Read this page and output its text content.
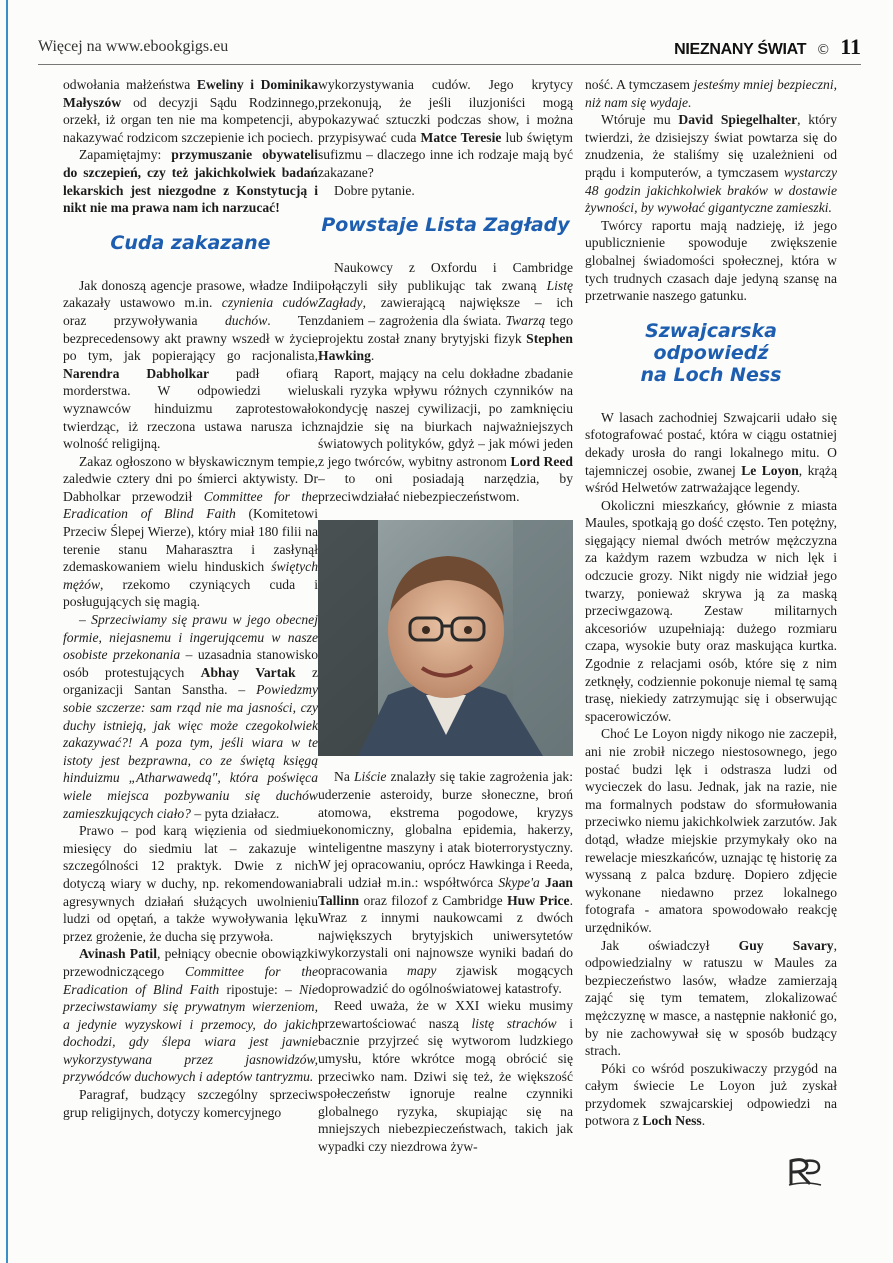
Więcej na www.ebookgigs.eu	NIEZNANY ŚWIAT © 11

odwołania małżeństwa Eweliny i Dominika Małyszów od decyzji Sądu Rodzinnego, orzekł, iż organ ten nie ma kompetencji, aby nakazywać rodzicom szczepienie ich pociech.

Zapamiętajmy: przymuszanie obywateli do szczepień, czy też jakichkolwiek badań lekarskich jest niezgodne z Konstytucją i nikt nie ma prawa nam ich narzucać!

Cuda zakazane

Jak donoszą agencje prasowe, władze Indii zakazały ustawowo m.in. czynienia cudów oraz przywoływania duchów. Ten bezprecedensowy akt prawny wszedł w życie po tym, jak popierający go racjonalista, Narendra Dabholkar padł ofiarą morderstwa. W odpowiedzi wielu wyznawców hinduizmu zaprotestowało twierdząc, iż rzeczona ustawa narusza ich wolność religijną.

Zakaz ogłoszono w błyskawicznym tempie, zaledwie cztery dni po śmierci aktywisty. Dr Dabholkar przewodził Committee for the Eradication of Blind Faith (Komitetowi Przeciw Ślepej Wierze), który miał 180 filii na terenie stanu Maharasztra i zasłynął zdemaskowaniem wielu hinduskich świętych mężów, rzekomo czyniących cuda i posługujących się magią.

– Sprzeciwiamy się prawu w jego obecnej formie, niejasnemu i ingerującemu w nasze osobiste przekonania – uzasadnia stanowisko osób protestujących Abhay Vartak z organizacji Santan Sanstha. – Powiedzmy sobie szczerze: sam rząd nie ma jasności, czy duchy istnieją, jak więc może czegokolwiek zakazywać?! A poza tym, jeśli wiara w te istoty jest bezprawna, co ze świętą księgą hinduizmu „Atharwawedą", która poświęca wiele miejsca pozbywaniu się duchów zamieszkujących ciało? – pyta działacz.

Prawo – pod karą więzienia od siedmiu miesięcy do siedmiu lat – zakazuje w szczególności 12 praktyk. Dwie z nich dotyczą wiary w duchy, np. rekomendowania agresywnych działań służących uwolnieniu ludzi od opętań, a także wywoływania lęku przez grożenie, że ducha się przywoła.

Avinash Patil, pełniący obecnie obowiązki przewodniczącego Committee for the Eradication of Blind Faith ripostuje: – Nie przeciwstawiamy się prywatnym wierzeniom, a jedynie wyzyskowi i przemocy, do jakich dochodzi, gdy ślepa wiara jest jawnie wykorzystywana przez jasnowidzów, przywódców duchowych i adeptów tantryzmu.

Paragraf, budzący szczególny sprzeciw grup religijnych, dotyczy komercyjnego

wykorzystywania cudów. Jego krytycy przekonują, że jeśli iluzjoniści mogą pokazywać sztuczki podczas show, i można przypisywać cuda Matce Teresie lub świętym sufizmu – dlaczego inne ich rodzaje mają być zakazane?

Dobre pytanie.

Powstaje Lista Zagłady

Naukowcy z Oxfordu i Cambridge połączyli siły publikując tak zwaną Listę Zagłady, zawierającą największe – ich zdaniem – zagrożenia dla świata. Twarzą tego projektu został znany brytyjski fizyk Stephen Hawking.

Raport, mający na celu dokładne zbadanie skali ryzyka wpływu różnych czynników na kondycję naszej cywilizacji, po zamknięciu znajdzie się na biurkach najważniejszych światowych polityków, gdyż – jak mówi jeden z jego twórców, wybitny astronom Lord Reed – to oni posiadają narzędzia, by przeciwdziałać niebezpieczeństwom.

Na Liście znalazły się takie zagrożenia jak: uderzenie asteroidy, burze słoneczne, broń atomowa, ekstrema pogodowe, kryzys ekonomiczny, globalna epidemia, hakerzy, inteligentne maszyny i atak bioterrorystyczny. W jej opracowaniu, oprócz Hawkinga i Reeda, brali udział m.in.: współtwórca Skype'a Jaan Tallinn oraz filozof z Cambridge Huw Price. Wraz z innymi naukowcami z dwóch największych brytyjskich uniwersytetów wykorzystali oni najnowsze wyniki badań do opracowania mapy zjawisk mogących doprowadzić do ogólnoświatowej katastrofy.

Reed uważa, że w XXI wieku musimy przewartościować naszą listę strachów i bacznie przyjrzeć się wytworom ludzkiego umysłu, które wkrótce mogą obrócić się przeciwko nam. Dziwi się też, że większość społeczeństw ignoruje realne czynniki globalnego ryzyka, skupiając się na mniejszych niebezpieczeństwach, takich jak wypadki czy niezdrowa żyw-

ność. A tymczasem jesteśmy mniej bezpieczni, niż nam się wydaje.

Wtóruje mu David Spiegelhalter, który twierdzi, że dzisiejszy świat powtarza się do znudzenia, że staliśmy się uzależnieni od prądu i komputerów, a tymczasem wystarczy 48 godzin jakichkolwiek braków w dostawie żywności, by wywołać gigantyczne zamieszki.

Twórcy raportu mają nadzieję, iż jego upublicznienie spowoduje zwiększenie globalnej świadomości społecznej, która w tych trudnych czasach daje jedyną szansę na przetrwanie naszego gatunku.

Szwajcarska odpowiedź
na Loch Ness

W lasach zachodniej Szwajcarii udało się sfotografować postać, która w ciągu ostatniej dekady urosła do rangi lokalnego mitu. O tajemniczej osobie, zwanej Le Loyon, krążą wśród Helwetów zatrważające legendy.

Okoliczni mieszkańcy, głównie z miasta Maules, spotkają go dość często. Ten potężny, sięgający niemal dwóch metrów mężczyzna za każdym razem wzbudza w nich lęk i odczucie grozy. Nikt nigdy nie widział jego twarzy, ponieważ skrywa ją za maską przeciwgazową. Zestaw militarnych akcesoriów uzupełniają: dużego rozmiaru czapa, wysokie buty oraz maskująca kurtka. Zgodnie z relacjami osób, które się z nim zetknęły, codziennie pokonuje niemal tę samą trasę, niekiedy zatrzymując się i obserwując spacerowiczów.

Choć Le Loyon nigdy nikogo nie zaczepił, ani nie zrobił niczego niestosownego, jego postać budzi lęk i odstrasza ludzi od wycieczek do lasu. Jednak, jak na razie, nie ma formalnych podstaw do sformułowania przeciwko niemu jakichkolwiek zarzutów. Jak dotąd, władze miejskie przymykały oko na rewelacje mieszkańców, uznając tę historię za wyssaną z palca bzdurę. Dopiero zdjęcie wykonane niedawno przez lokalnego fotografa - amatora spowodowało reakcję urzędników.

Jak oświadczył Guy Savary, odpowiedzialny w ratuszu w Maules za bezpieczeństwo lasów, władze zamierzają zająć się tym tematem, zlokalizować mężczyznę w masce, a następnie nakłonić go, by nie zachowywał się w sposób budzący strach.

Póki co wśród poszukiwaczy przygód na całym świecie Le Loyon już zyskał przydomek szwajcarskiej odpowiedzi na potwora z Loch Ness.
